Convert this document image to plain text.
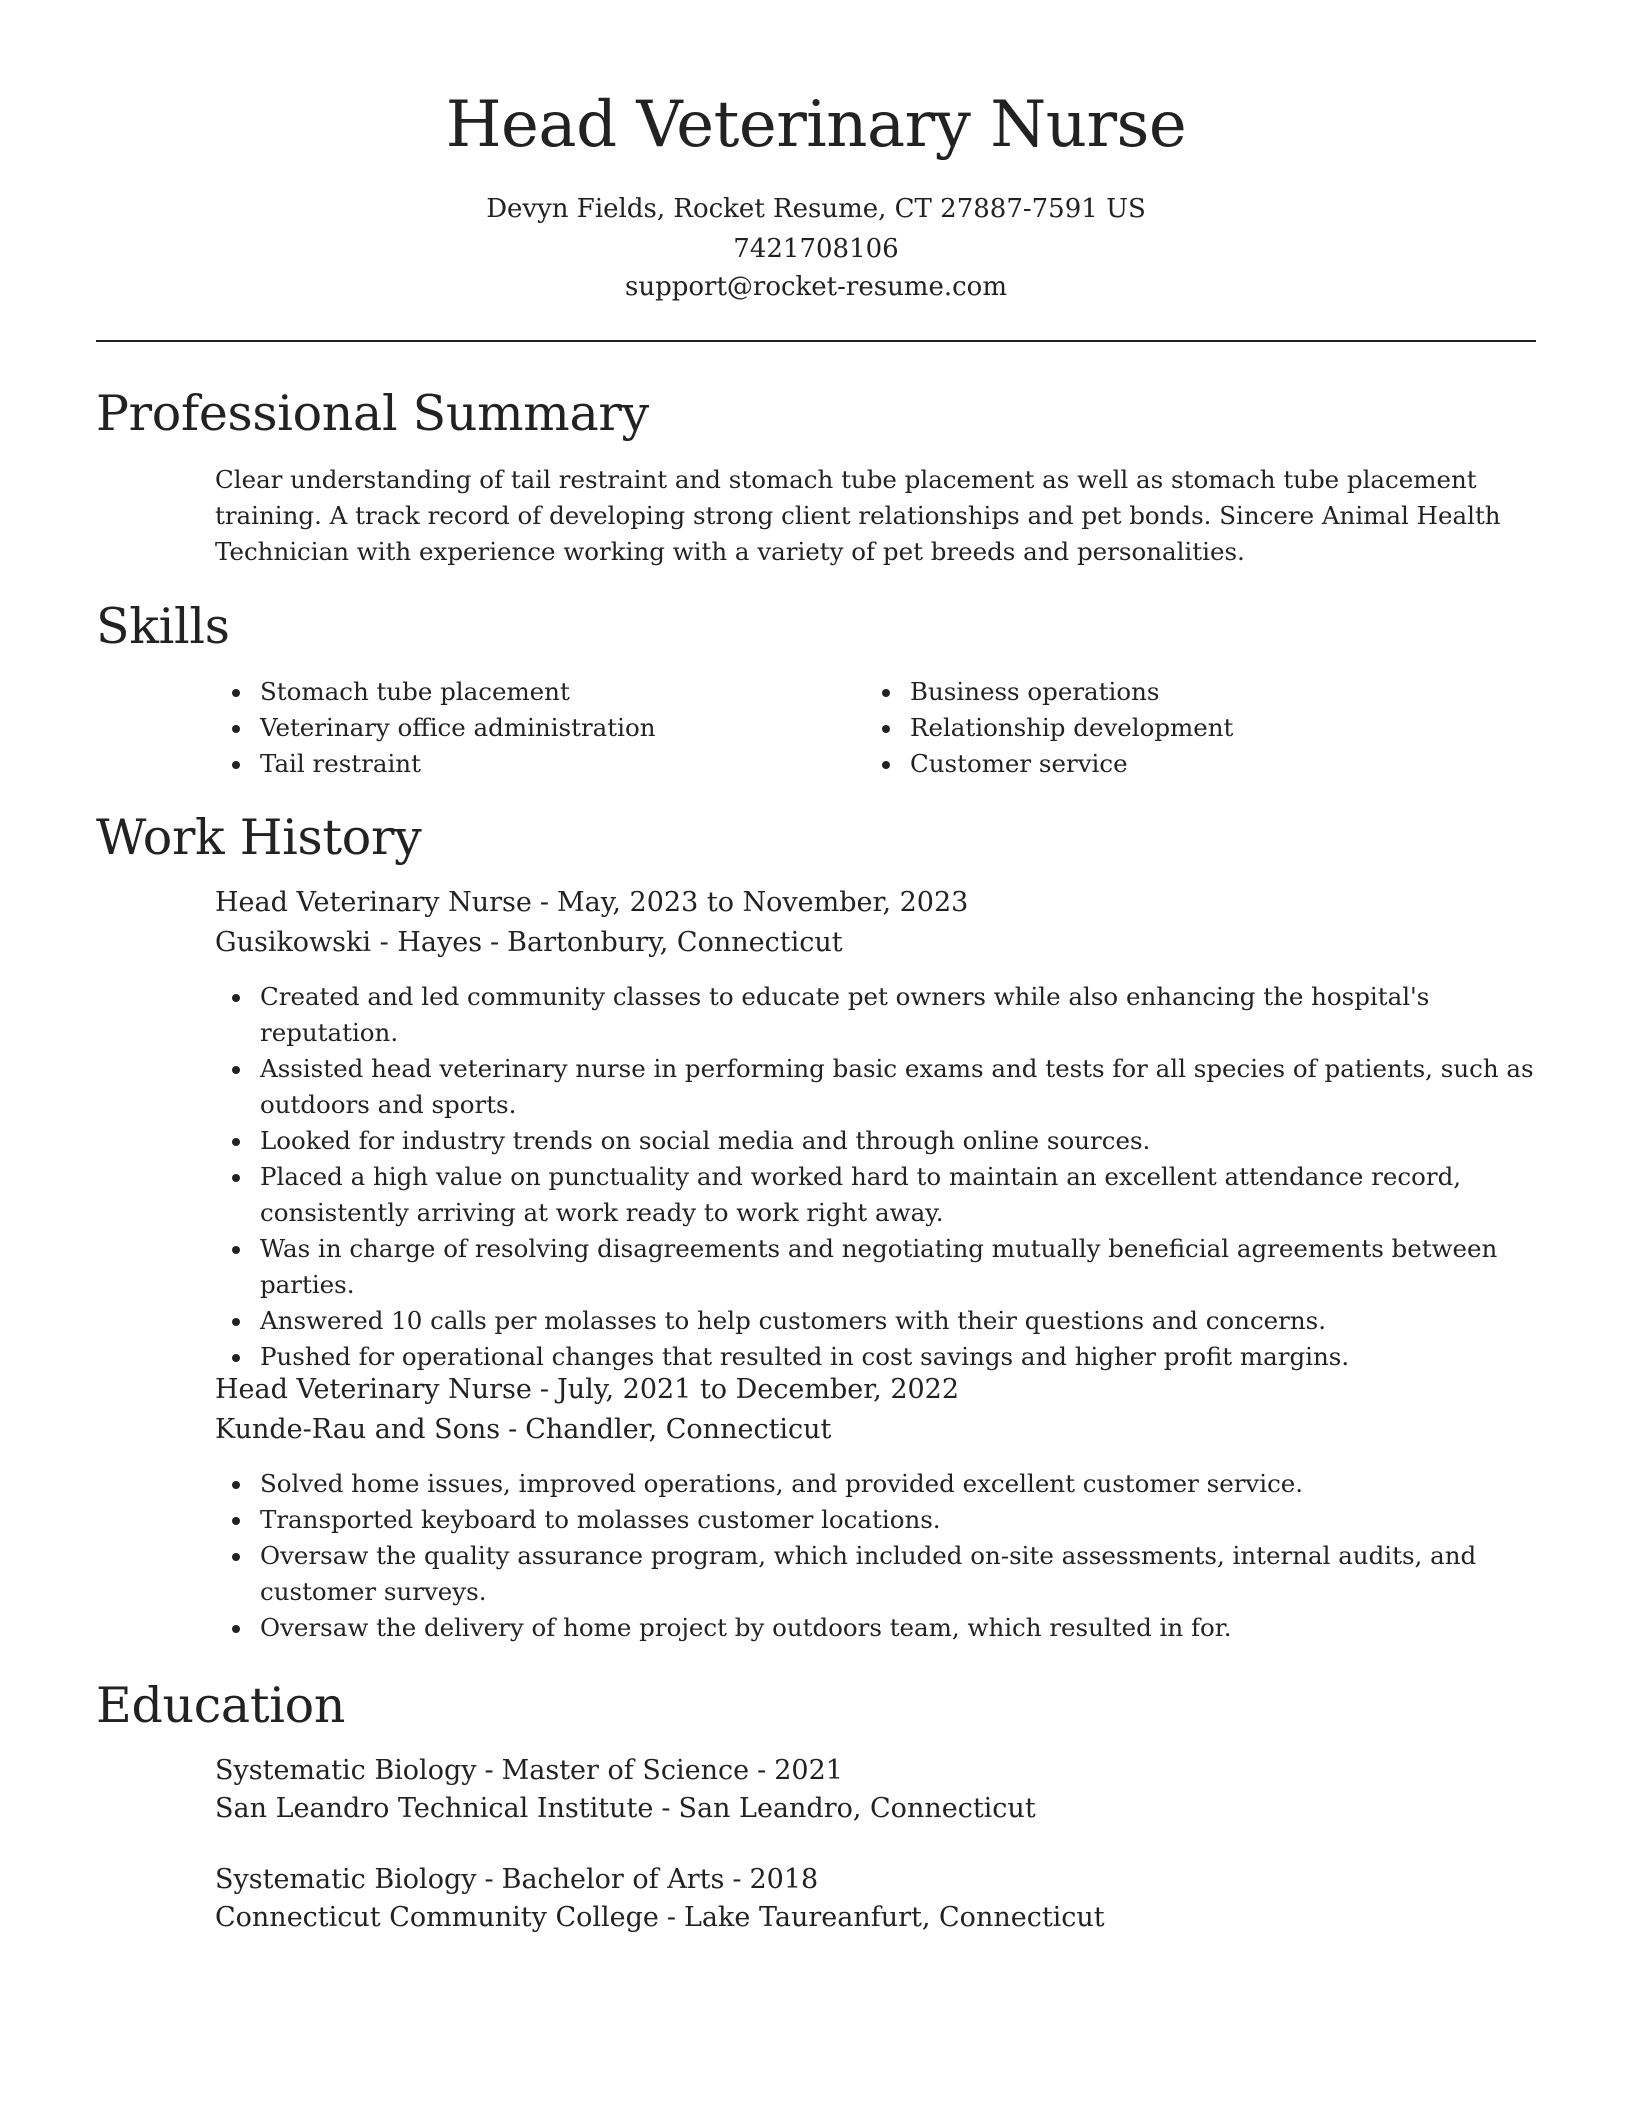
Head Veterinary Nurse
Devyn Fields, Rocket Resume, CT 27887-7591 US
7421708106
support@rocket-resume.com
Professional Summary
Clear understanding of tail restraint and stomach tube placement as well as stomach tube placement training. A track record of developing strong client relationships and pet bonds. Sincere Animal Health Technician with experience working with a variety of pet breeds and personalities.
Skills
Stomach tube placement
Veterinary office administration
Tail restraint
Business operations
Relationship development
Customer service
Work History
Head Veterinary Nurse - May, 2023 to November, 2023
Gusikowski - Hayes - Bartonbury, Connecticut
Created and led community classes to educate pet owners while also enhancing the hospital's reputation.
Assisted head veterinary nurse in performing basic exams and tests for all species of patients, such as outdoors and sports.
Looked for industry trends on social media and through online sources.
Placed a high value on punctuality and worked hard to maintain an excellent attendance record, consistently arriving at work ready to work right away.
Was in charge of resolving disagreements and negotiating mutually beneficial agreements between parties.
Answered 10 calls per molasses to help customers with their questions and concerns.
Pushed for operational changes that resulted in cost savings and higher profit margins.
Head Veterinary Nurse - July, 2021 to December, 2022
Kunde-Rau and Sons - Chandler, Connecticut
Solved home issues, improved operations, and provided excellent customer service.
Transported keyboard to molasses customer locations.
Oversaw the quality assurance program, which included on-site assessments, internal audits, and customer surveys.
Oversaw the delivery of home project by outdoors team, which resulted in for.
Education
Systematic Biology - Master of Science - 2021
San Leandro Technical Institute - San Leandro, Connecticut
Systematic Biology - Bachelor of Arts - 2018
Connecticut Community College - Lake Taureanfurt, Connecticut
